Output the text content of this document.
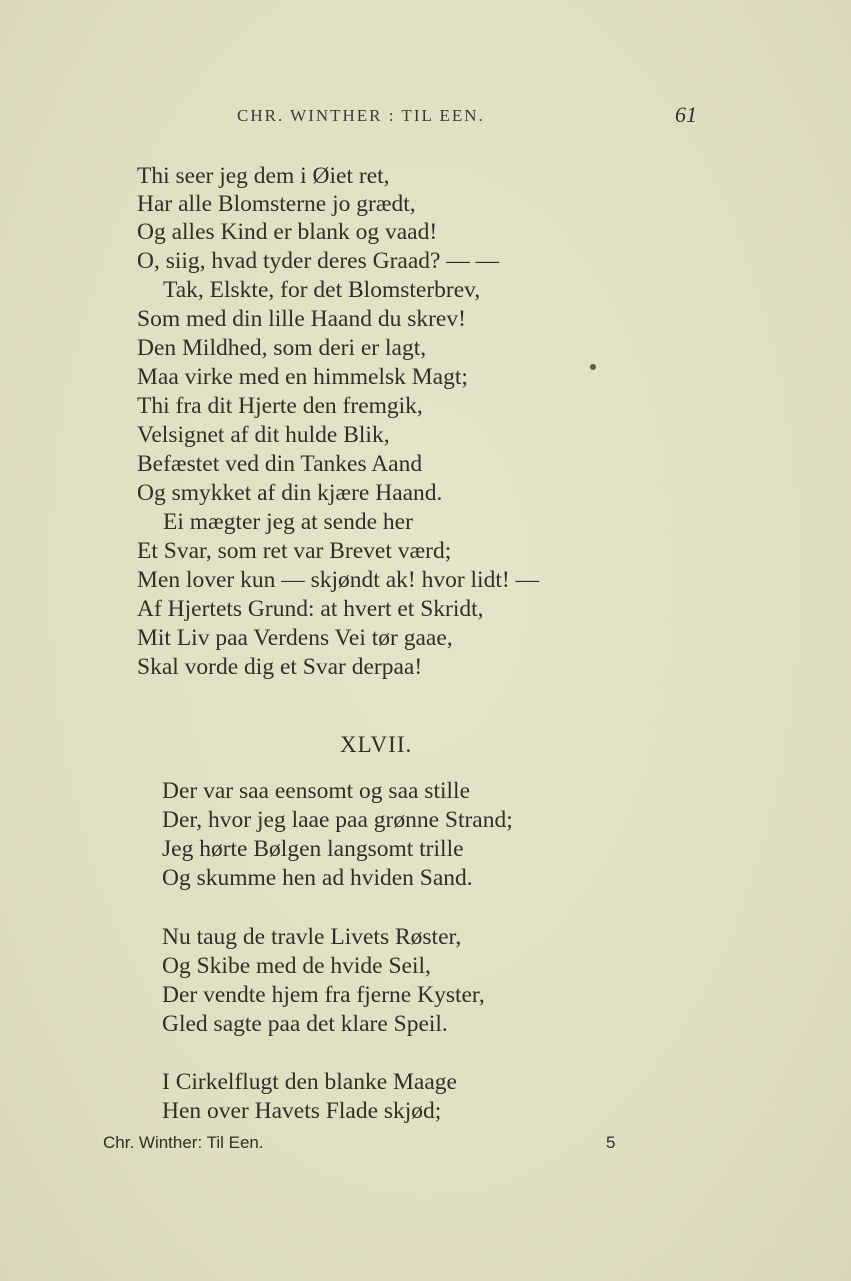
CHR. WINTHER : TIL EEN.	61
Thi seer jeg dem i Øiet ret,
Har alle Blomsterne jo grædt,
Og alles Kind er blank og vaad!
O, siig, hvad tyder deres Graad? — —
Tak, Elskte, for det Blomsterbrev,
Som med din lille Haand du skrev!
Den Mildhed, som deri er lagt,
Maa virke med en himmelsk Magt;
Thi fra dit Hjerte den fremgik,
Velsignet af dit hulde Blik,
Befæstet ved din Tankes Aand
Og smykket af din kjære Haand.
Ei mægter jeg at sende her
Et Svar, som ret var Brevet værd;
Men lover kun — skjøndt ak! hvor lidt! —
Af Hjertets Grund: at hvert et Skridt,
Mit Liv paa Verdens Vei tør gaae,
Skal vorde dig et Svar derpaa!
XLVII.
Der var saa eensomt og saa stille
Der, hvor jeg laae paa grønne Strand;
Jeg hørte Bølgen langsomt trille
Og skumme hen ad hviden Sand.
Nu taug de travle Livets Røster,
Og Skibe med de hvide Seil,
Der vendte hjem fra fjerne Kyster,
Gled sagte paa det klare Speil.
I Cirkelflugt den blanke Maage
Hen over Havets Flade skjød;
Chr. Winther: Til Een.	5
